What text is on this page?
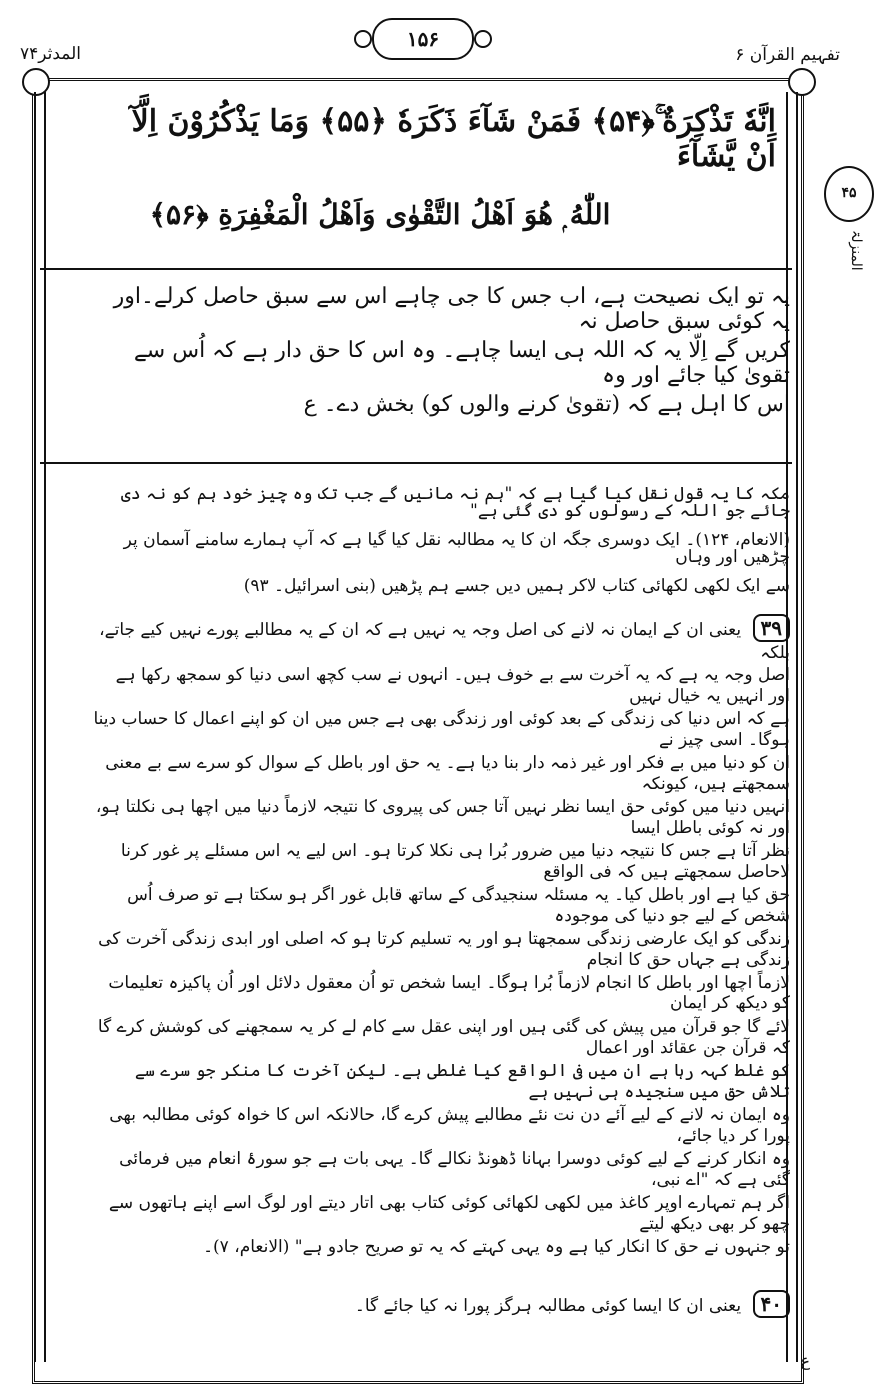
المدثر۷۴
۱۵۶
تفہیم القرآن ۶
۴۵
المنزلۃ
اِنَّهٗ تَذْكِرَةٌ ۚ﴿۵۴﴾ فَمَنْ شَآءَ ذَكَرَهٗ ﴿۵۵﴾ وَمَا يَذْكُرُوْنَ اِلَّآ اَنْ يَّشَآءَ
اللّٰهُ ۭ هُوَ اَهْلُ التَّقْوٰى وَاَهْلُ الْمَغْفِرَةِ ﴿۵۶﴾
یہ تو ایک نصیحت ہے، اب جس کا جی چاہے اس سے سبق حاصل کرلے۔اور یہ کوئی سبق حاصل نہ
کریں گے اِلّا یہ کہ اللہ ہی ایسا چاہے۔ وہ اس کا حق دار ہے کہ اُس سے تقویٰ کیا جائے اور وہ
اس کا اہل ہے کہ (تقویٰ کرنے والوں کو) بخش دے۔ ع
مکہ کا یہ قول نقل کیا گیا ہے کہ "ہم نہ مانیں گے جب تک وہ چیز خود ہم کو نہ دی جائے جو اللہ کے رسولوں کو دی گئی ہے"
(الانعام، ۱۲۴)۔ ایک دوسری جگہ ان کا یہ مطالبہ نقل کیا گیا ہے کہ آپ ہمارے سامنے آسمان پر چڑھیں اور وہاں
سے ایک لکھی لکھائی کتاب لاکر ہمیں دیں جسے ہم پڑھیں (بنی اسرائیل۔ ۹۳)
۳۹ یعنی ان کے ایمان نہ لانے کی اصل وجہ یہ نہیں ہے کہ ان کے یہ مطالبے پورے نہیں کیے جاتے، بلکہ
اصل وجہ یہ ہے کہ یہ آخرت سے بے خوف ہیں۔ انہوں نے سب کچھ اسی دنیا کو سمجھ رکھا ہے اور انہیں یہ خیال نہیں
ہے کہ اس دنیا کی زندگی کے بعد کوئی اور زندگی بھی ہے جس میں ان کو اپنے اعمال کا حساب دینا ہوگا۔ اسی چیز نے
ان کو دنیا میں بے فکر اور غیر ذمہ دار بنا دیا ہے۔ یہ حق اور باطل کے سوال کو سرے سے بے معنی سمجھتے ہیں، کیونکہ
انہیں دنیا میں کوئی حق ایسا نظر نہیں آتا جس کی پیروی کا نتیجہ لازماً دنیا میں اچھا ہی نکلتا ہو، اور نہ کوئی باطل ایسا
نظر آتا ہے جس کا نتیجہ دنیا میں ضرور بُرا ہی نکلا کرتا ہو۔ اس لیے یہ اس مسئلے پر غور کرنا لاحاصل سمجھتے ہیں کہ فی الواقع
حق کیا ہے اور باطل کیا۔ یہ مسئلہ سنجیدگی کے ساتھ قابل غور اگر ہو سکتا ہے تو صرف اُس شخص کے لیے جو دنیا کی موجودہ
زندگی کو ایک عارضی زندگی سمجھتا ہو اور یہ تسلیم کرتا ہو کہ اصلی اور ابدی زندگی آخرت کی زندگی ہے جہاں حق کا انجام
لازماً اچھا اور باطل کا انجام لازماً بُرا ہوگا۔ ایسا شخص تو اُن معقول دلائل اور اُن پاکیزہ تعلیمات کو دیکھ کر ایمان
لائے گا جو قرآن میں پیش کی گئی ہیں اور اپنی عقل سے کام لے کر یہ سمجھنے کی کوشش کرے گا کہ قرآن جن عقائد اور اعمال
کو غلط کہہ رہا ہے ان میں فی الواقع کیا غلطی ہے۔ لیکن آخرت کا منکر جو سرے سے تلاش حق میں سنجیدہ ہی نہیں ہے
وہ ایمان نہ لانے کے لیے آئے دن نت نئے مطالبے پیش کرے گا، حالانکہ اس کا خواہ کوئی مطالبہ بھی پورا کر دیا جائے،
وہ انکار کرنے کے لیے کوئی دوسرا بہانا ڈھونڈ نکالے گا۔ یہی بات ہے جو سورۂ انعام میں فرمائی گئی ہے کہ "اے نبی،
اگر ہم تمہارے اوپر کاغذ میں لکھی لکھائی کوئی کتاب بھی اتار دیتے اور لوگ اسے اپنے ہاتھوں سے چھو کر بھی دیکھ لیتے
تو جنہوں نے حق کا انکار کیا ہے وہ یہی کہتے کہ یہ تو صریح جادو ہے" (الانعام، ۷)۔
۴۰ یعنی ان کا ایسا کوئی مطالبہ ہرگز پورا نہ کیا جائے گا۔
ع
